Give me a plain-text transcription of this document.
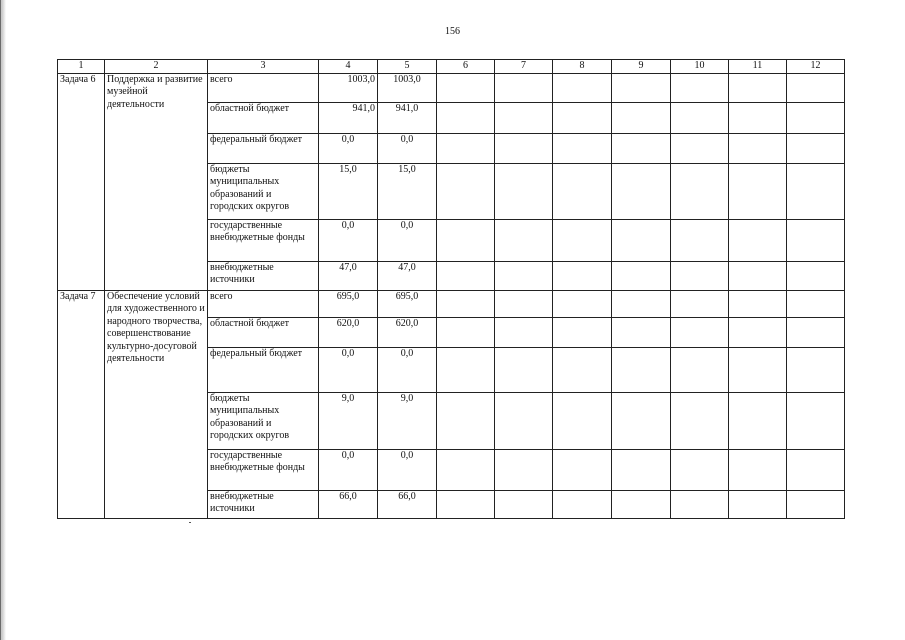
156
1	2	3	4	5	6	7	8	9	10	11	12
Задача 6	Поддержка и развитие музейной деятельности	всего	1003,0	1003,0							
		областной бюджет	941,0	941,0							
		федеральный бюджет	0,0	0,0							
		бюджеты муниципальных образований и городских округов	15,0	15,0							
		государственные внебюджетные фонды	0,0	0,0							
		внебюджетные источники	47,0	47,0							
Задача 7	Обеспечение условий для художественного и народного творчества, совершенствование культурно-досуговой деятельности	всего	695,0	695,0							
		областной бюджет	620,0	620,0							
		федеральный бюджет	0,0	0,0							
		бюджеты муниципальных образований и городских округов	9,0	9,0							
		государственные внебюджетные фонды	0,0	0,0							
		внебюджетные источники	66,0	66,0							
